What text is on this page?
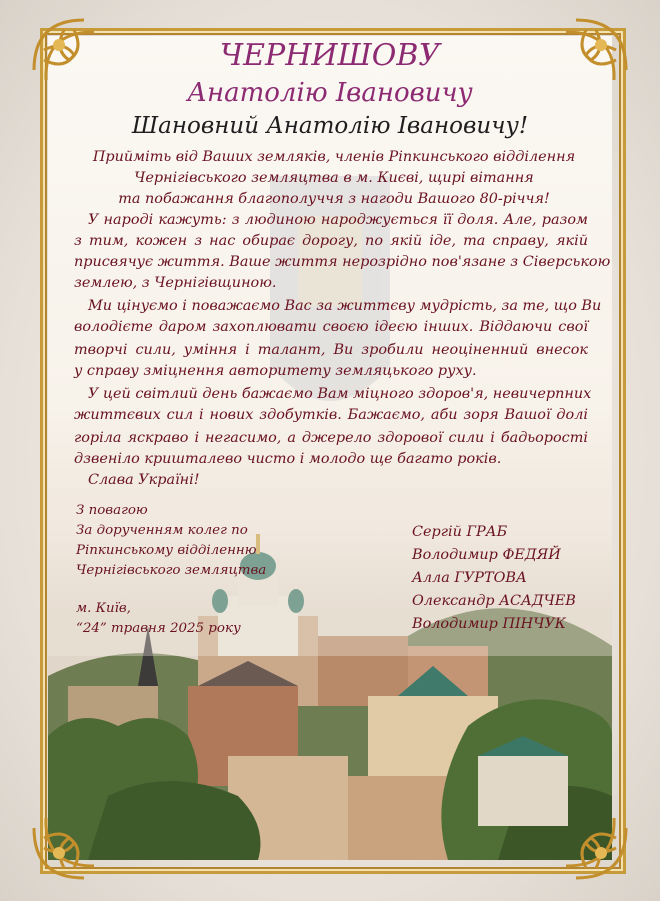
ЧЕРНИШОВУ
Анатолію Івановичу
Шановний Анатолію Івановичу!
Прийміть від Ваших земляків, членів Ріпкинського відділення
Чернігівського земляцтва в м. Києві, щирі вітання
та побажання благополуччя з нагоди Вашого 80-річчя!
У народі кажуть: з людиною народжується її доля. Але, разом
з тим, кожен з нас обирає дорогу, по якій іде, та справу, якій
присвячує життя. Ваше життя нерозрідно пов'язане з Сіверською
землею, з Чернігівщиною.
Ми цінуємо і поважаємо Вас за життєву мудрість, за те, що Ви
володієте даром захоплювати своєю ідеєю інших. Віддаючи свої
творчі сили, уміння і талант, Ви зробили неоціненний внесок
у справу зміцнення авторитету земляцького руху.
У цей світлий день бажаємо Вам міцного здоров'я, невичерпних
життєвих сил і нових здобутків. Бажаємо, аби зоря Вашої долі
горіла яскраво і негасимо, а джерело здорової сили і бадьорості
дзвеніло кришталево чисто і молодо ще багато років.
Слава Україні!
З повагою
За дорученням колег по
Ріпкинському відділенню
Чернігівського земляцтва
м. Київ,
“24” травня 2025 року
Сергій ГРАБ
Володимир ФЕДЯЙ
Алла ГУРТОВА
Олександр АСАДЧЕВ
Володимир ПІНЧУК
